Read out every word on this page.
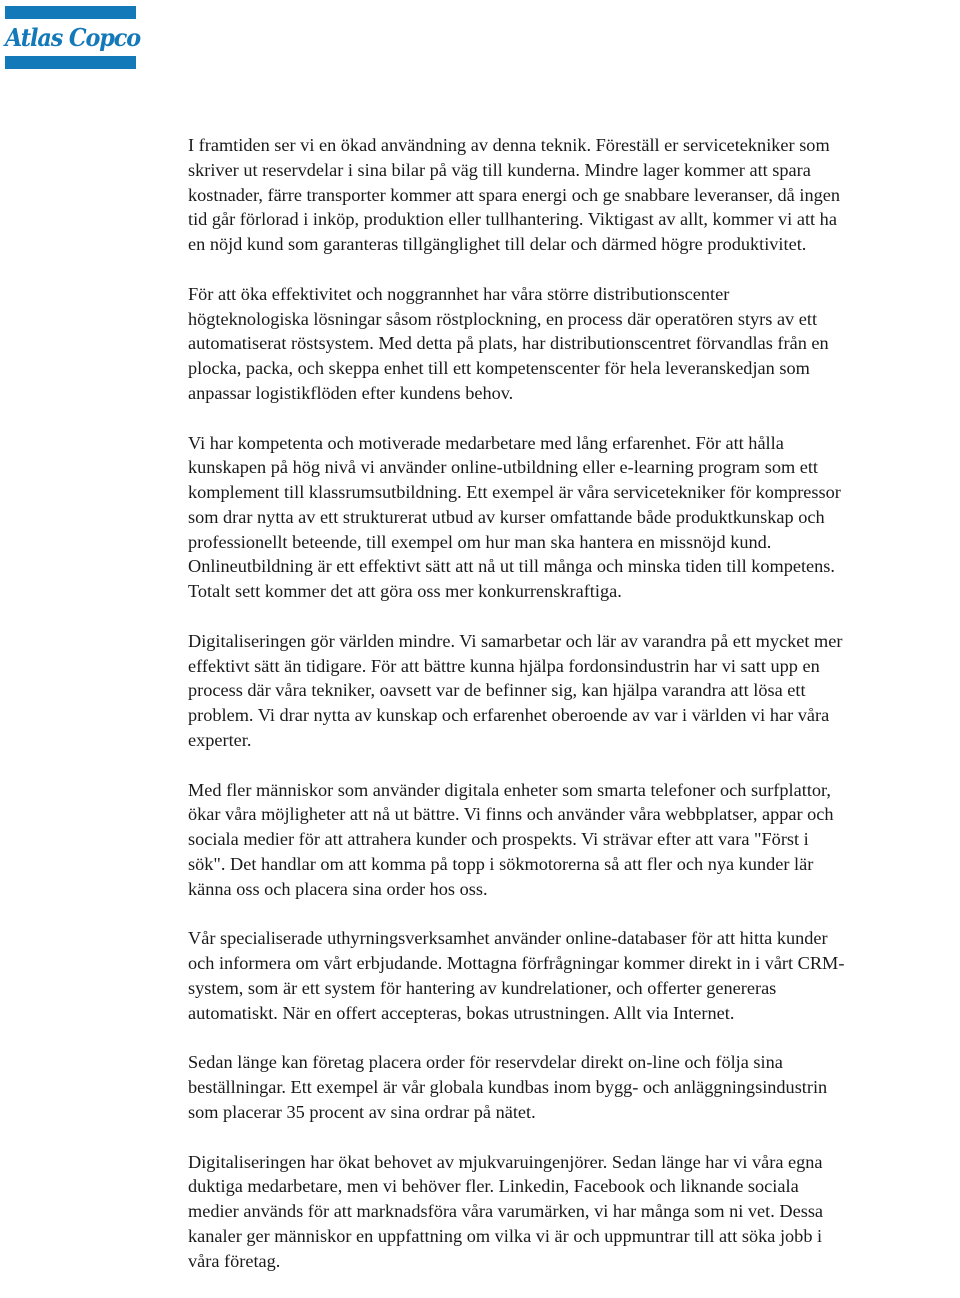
Atlas Copco

I framtiden ser vi en ökad användning av denna teknik. Föreställ er servicetekniker som
skriver ut reservdelar i sina bilar på väg till kunderna. Mindre lager kommer att spara
kostnader, färre transporter kommer att spara energi och ge snabbare leveranser, då ingen
tid går förlorad i inköp, produktion eller tullhantering. Viktigast av allt, kommer vi att ha
en nöjd kund som garanteras tillgänglighet till delar och därmed högre produktivitet.

För att öka effektivitet och noggrannhet har våra större distributionscenter
högteknologiska lösningar såsom röstplockning, en process där operatören styrs av ett
automatiserat röstsystem. Med detta på plats, har distributionscentret förvandlas från en
plocka, packa, och skeppa enhet till ett kompetenscenter för hela leveranskedjan som
anpassar logistikflöden efter kundens behov.

Vi har kompetenta och motiverade medarbetare med lång erfarenhet. För att hålla
kunskapen på hög nivå vi använder online-utbildning eller e-learning program som ett
komplement till klassrumsutbildning. Ett exempel är våra servicetekniker för kompressor
som drar nytta av ett strukturerat utbud av kurser omfattande både produktkunskap och
professionellt beteende, till exempel om hur man ska hantera en missnöjd kund.
Onlineutbildning är ett effektivt sätt att nå ut till många och minska tiden till kompetens.
Totalt sett kommer det att göra oss mer konkurrenskraftiga.

Digitaliseringen gör världen mindre. Vi samarbetar och lär av varandra på ett mycket mer
effektivt sätt än tidigare. För att bättre kunna hjälpa fordonsindustrin har vi satt upp en
process där våra tekniker, oavsett var de befinner sig, kan hjälpa varandra att lösa ett
problem. Vi drar nytta av kunskap och erfarenhet oberoende av var i världen vi har våra
experter.

Med fler människor som använder digitala enheter som smarta telefoner och surfplattor,
ökar våra möjligheter att nå ut bättre. Vi finns och använder våra webbplatser, appar och
sociala medier för att attrahera kunder och prospekts. Vi strävar efter att vara "Först i
sök". Det handlar om att komma på topp i sökmotorerna så att fler och nya kunder lär
känna oss och placera sina order hos oss.

Vår specialiserade uthyrningsverksamhet använder online-databaser för att hitta kunder
och informera om vårt erbjudande. Mottagna förfrågningar kommer direkt in i vårt CRM-
system, som är ett system för hantering av kundrelationer, och offerter genereras
automatiskt. När en offert accepteras, bokas utrustningen. Allt via Internet.

Sedan länge kan företag placera order för reservdelar direkt on-line och följa sina
beställningar. Ett exempel är vår globala kundbas inom bygg- och anläggningsindustrin
som placerar 35 procent av sina ordrar på nätet.

Digitaliseringen har ökat behovet av mjukvaruingenjörer. Sedan länge har vi våra egna
duktiga medarbetare, men vi behöver fler. Linkedin, Facebook och liknande sociala
medier används för att marknadsföra våra varumärken, vi har många som ni vet. Dessa
kanaler ger människor en uppfattning om vilka vi är och uppmuntrar till att söka jobb i
våra företag.
